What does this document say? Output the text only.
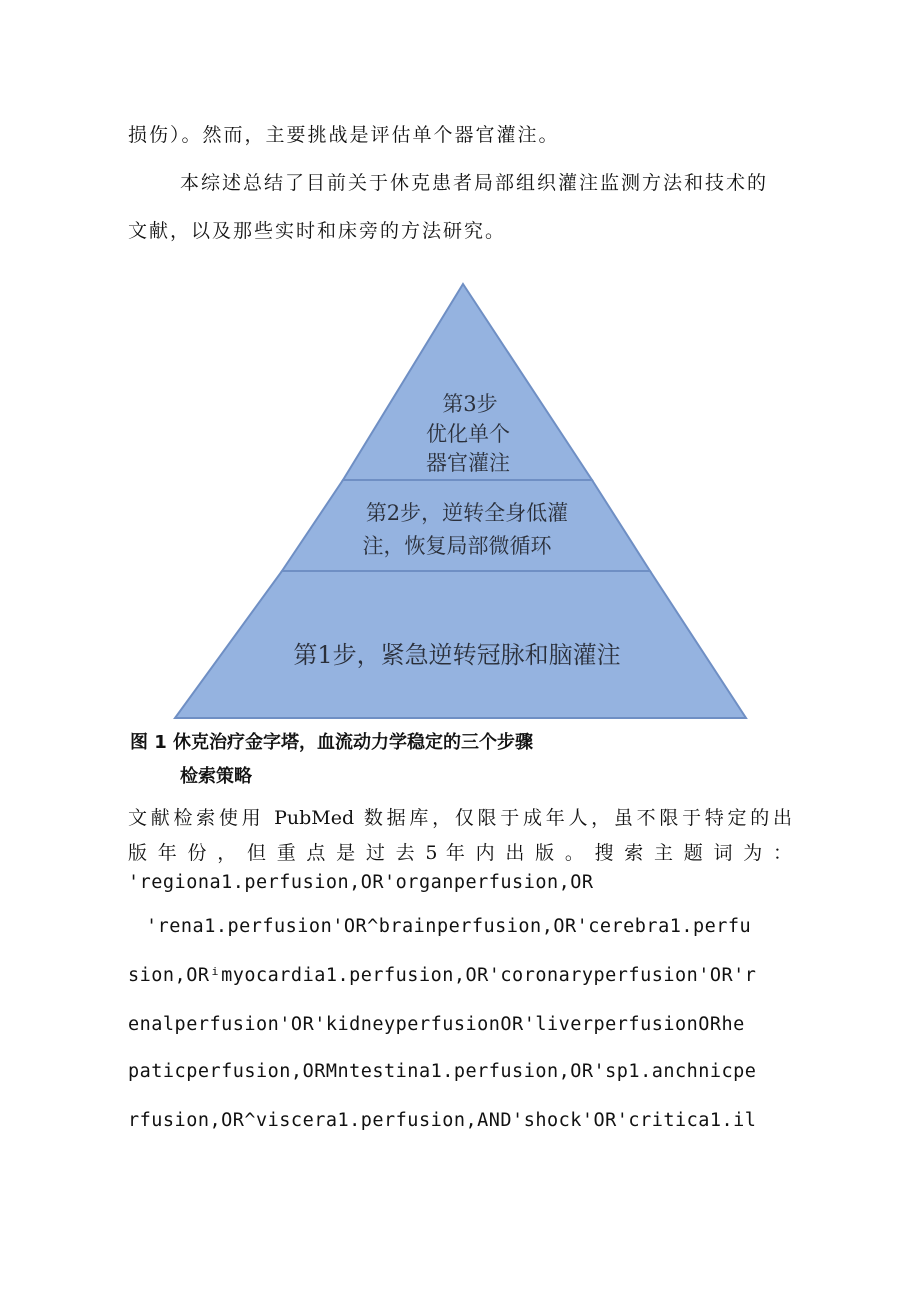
损伤）。然而，主要挑战是评估单个器官灌注。

本综述总结了目前关于休克患者局部组织灌注监测方法和技术的

文献，以及那些实时和床旁的方法研究。

第3步
优化单个
器官灌注
第2步，逆转全身低灌
注，恢复局部微循环
第1步，紧急逆转冠脉和脑灌注
图 1 休克治疗金字塔，血流动力学稳定的三个步骤
检索策略

文献检索使用 PubMed 数据库，仅限于成年人，虽不限于特定的出

版 年 份 ， 但 重 点 是 过 去 5 年 内 出 版 。 搜 索 主 题 词 为 ：

'regiona1.perfusion,OR'organperfusion,OR

'rena1.perfusion'OR^brainperfusion,OR'cerebra1.perfu

sion,ORⁱmyocardia1.perfusion,OR'coronaryperfusion'OR'r

enalperfusion'OR'kidneyperfusionOR'liverperfusionORhe

paticperfusion,ORMntestina1.perfusion,OR'sp1.anchnicpe

rfusion,OR^viscera1.perfusion,AND'shock'OR'critica1.il
